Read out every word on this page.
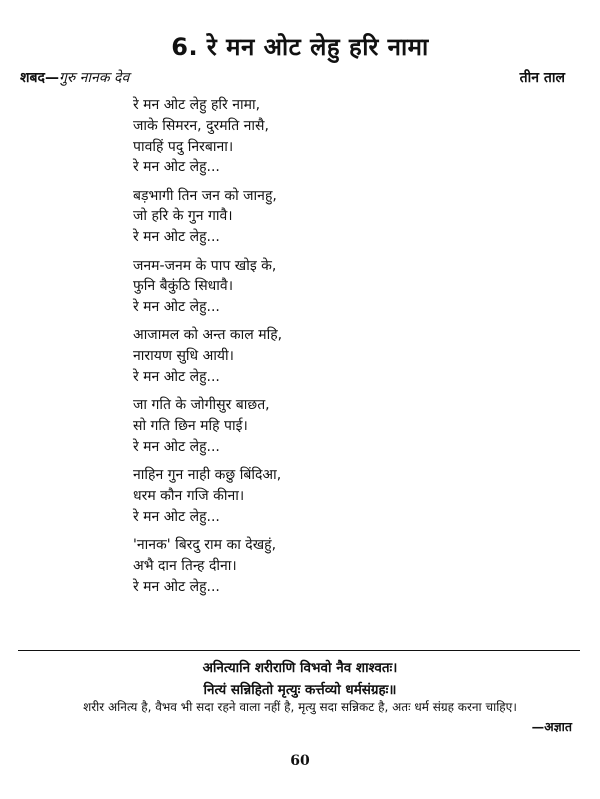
6. रे मन ओट लेहु हरि नामा
शबद—गुरु नानक देव	तीन ताल
रे मन ओट लेहु हरि नामा,
जाके सिमरन, दुरमति नासै,
पावहिं पदु निरबाना।
रे मन ओट लेहु...
बड़भागी तिन जन को जानहु,
जो हरि के गुन गावै।
रे मन ओट लेहु...
जनम-जनम के पाप खोइ के,
फुनि बैकुंठि सिधावै।
रे मन ओट लेहु...
आजामल को अन्त काल महि,
नारायण सुधि आयी।
रे मन ओट लेहु...
जा गति के जोगीसुर बाछत,
सो गति छिन महि पाई।
रे मन ओट लेहु...
नाहिन गुन नाही कछु बिंदिआ,
धरम कौन गजि कीना।
रे मन ओट लेहु...
'नानक' बिरदु राम का देखहुं,
अभै दान तिन्ह दीना।
रे मन ओट लेहु...
अनित्यानि शरीराणि विभवो नैव शाश्वतः।
नित्यं सन्निहितो मृत्युः कर्त्तव्यो धर्मसंग्रहः॥
शरीर अनित्य है, वैभव भी सदा रहने वाला नहीं है, मृत्यु सदा सन्निकट है, अतः धर्म संग्रह करना चाहिए।
—अज्ञात
60
